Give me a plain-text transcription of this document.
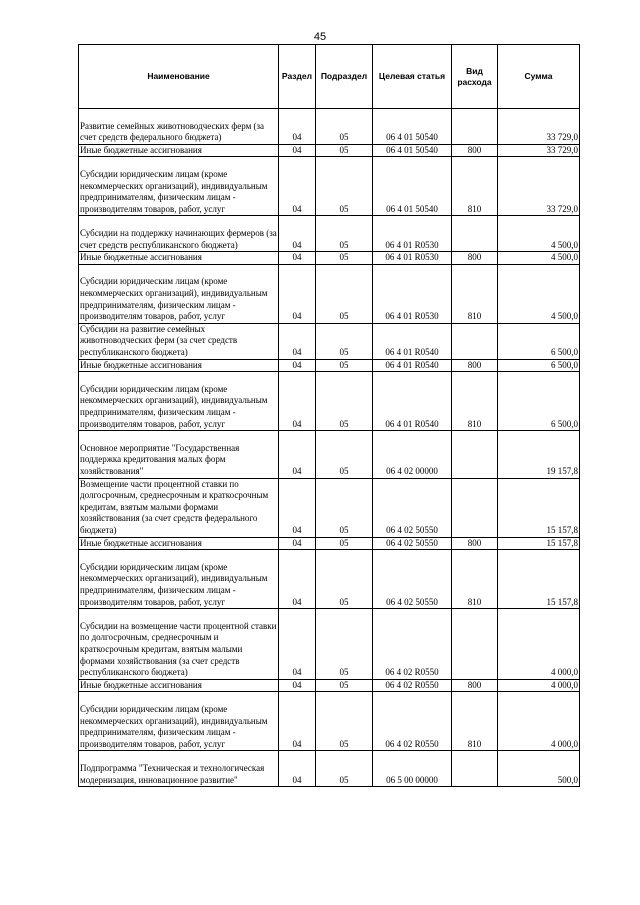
45
Наименование	Раздел	Подраздел	Целевая статья	Вид расхода	Сумма
Развитие семейных животноводческих ферм (за счет средств федерального бюджета)	04	05	06 4 01 50540		33 729,0
Иные бюджетные ассигнования	04	05	06 4 01 50540	800	33 729,0
Субсидии юридическим лицам (кроме некоммерческих организаций), индивидуальным предпринимателям, физическим лицам - производителям товаров, работ, услуг	04	05	06 4 01 50540	810	33 729,0
Субсидии на поддержку начинающих фермеров (за счет средств республиканского бюджета)	04	05	06 4 01 R0530		4 500,0
Иные бюджетные ассигнования	04	05	06 4 01 R0530	800	4 500,0
Субсидии юридическим лицам (кроме некоммерческих организаций), индивидуальным предпринимателям, физическим лицам - производителям товаров, работ, услуг	04	05	06 4 01 R0530	810	4 500,0
Субсидии на развитие семейных животноводческих ферм (за счет средств республиканского бюджета)	04	05	06 4 01 R0540		6 500,0
Иные бюджетные ассигнования	04	05	06 4 01 R0540	800	6 500,0
Субсидии юридическим лицам (кроме некоммерческих организаций), индивидуальным предпринимателям, физическим лицам - производителям товаров, работ, услуг	04	05	06 4 01 R0540	810	6 500,0
Основное мероприятие "Государственная поддержка кредитования малых форм хозяйствования"	04	05	06 4 02 00000		19 157,8
Возмещение части процентной ставки по долгосрочным, среднесрочным и краткосрочным кредитам, взятым малыми формами хозяйствования (за счет средств федерального бюджета)	04	05	06 4 02 50550		15 157,8
Иные бюджетные ассигнования	04	05	06 4 02 50550	800	15 157,8
Субсидии юридическим лицам (кроме некоммерческих организаций), индивидуальным предпринимателям, физическим лицам - производителям товаров, работ, услуг	04	05	06 4 02 50550	810	15 157,8
Субсидии на возмещение части процентной ставки по долгосрочным, среднесрочным и краткосрочным кредитам, взятым малыми формами хозяйствования (за счет средств республиканского бюджета)	04	05	06 4 02 R0550		4 000,0
Иные бюджетные ассигнования	04	05	06 4 02 R0550	800	4 000,0
Субсидии юридическим лицам (кроме некоммерческих организаций), индивидуальным предпринимателям, физическим лицам - производителям товаров, работ, услуг	04	05	06 4 02 R0550	810	4 000,0
Подпрограмма "Техническая и технологическая модернизация, инновационное развитие"	04	05	06 5 00 00000		500,0
